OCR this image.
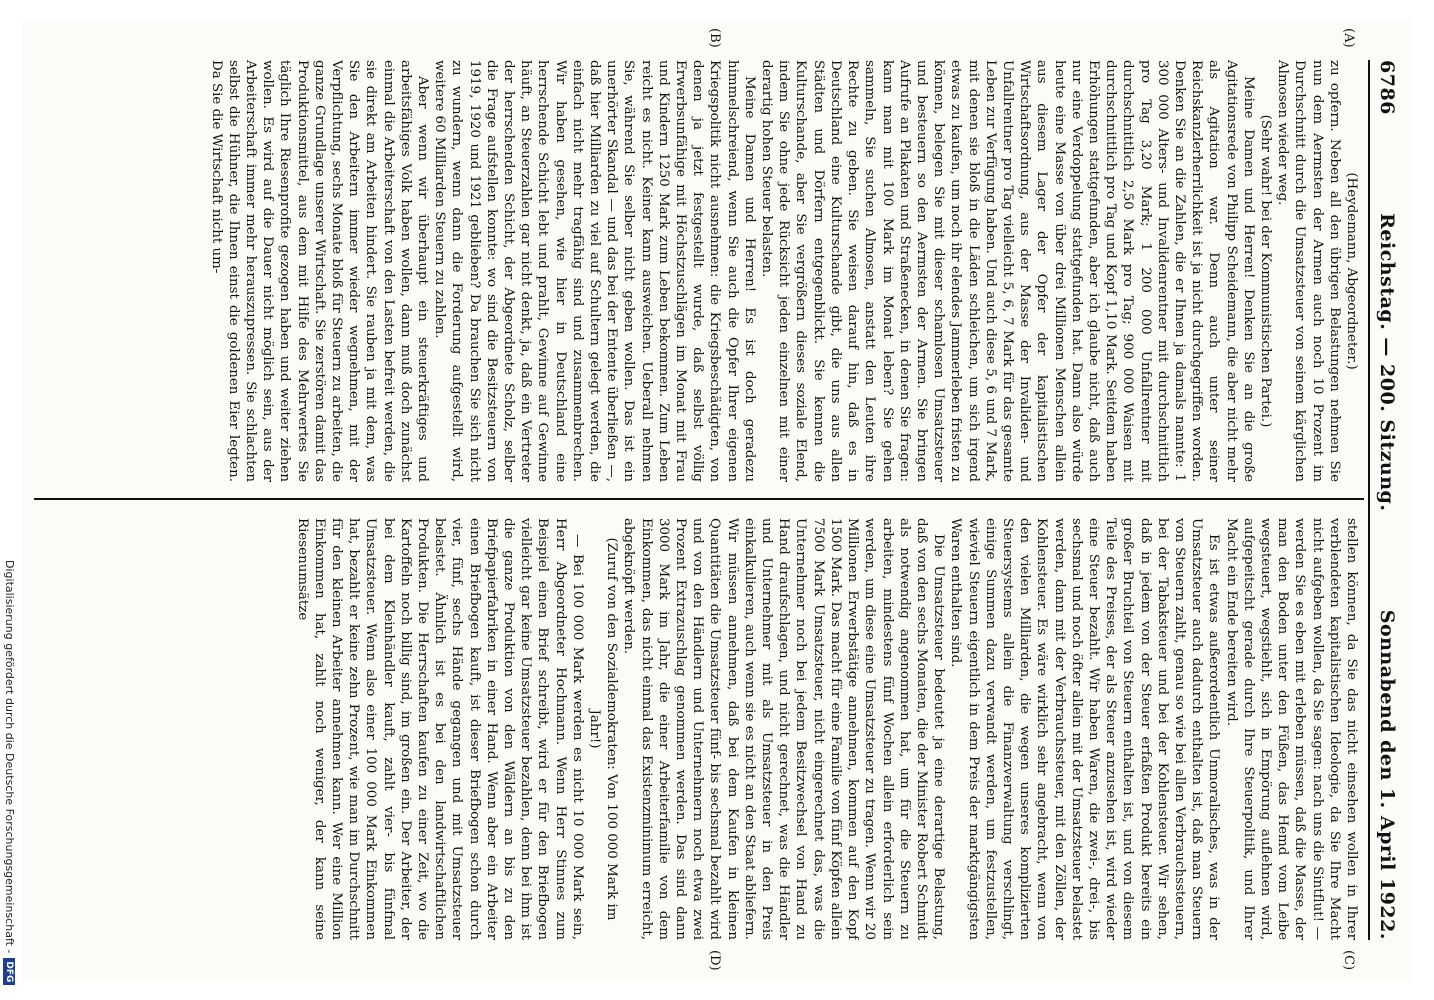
6786
Reichstag. — 200. Sitzung.
Sonnabend den 1. April 1922.
(A)
(B)
(C)
(D)

(Heydemann, Abgeordneter.)

zu opfern. Neben all den übrigen Belastungen nehmen Sie nun dem Aermsten der Armen auch noch 10 Prozent im Durchschnitt durch die Umsatzsteuer von seinem kärglichen Almosen wieder weg.

(Sehr wahr! bei der Kommunistischen Partei.)

Meine Damen und Herren! Denken Sie an die große Agitationsrede von Philipp Scheidemann, die aber nicht mehr als Agitation war. Denn auch unter seiner Reichskanzlerherrlichkeit ist ja nicht durchgegriffen worden. Denken Sie an die Zahlen, die er Ihnen ja damals nannte: 1 300 000 Alters- und Invalidenrentner mit durchschnittlich pro Tag 3,20 Mark; 1 200 000 Unfallrentner mit durchschnittlich 2,50 Mark pro Tag; 900 000 Waisen mit durchschnittlich pro Tag und Kopf 1,10 Mark. Seitdem haben Erhöhungen stattgefunden, aber ich glaube nicht, daß auch nur eine Verdoppelung stattgefunden hat. Dann also würde heute eine Masse von über drei Millionen Menschen allein aus diesem Lager der Opfer der kapitalistischen Wirtschaftsordnung, aus der Masse der Invaliden- und Unfallrentner pro Tag vielleicht 5, 6, 7 Mark für das gesamte Leben zur Verfügung haben. Und auch diese 5, 6 und 7 Mark, mit denen sie bloß in die Läden schleichen, um sich irgend etwas zu kaufen, um noch ihr elendes Jammerleben fristen zu können, belegen Sie mit dieser schamlosen Umsatzsteuer und besteuern so den Aermsten der Armen. Sie bringen Aufrufe an Plakaten und Straßenecken, in denen Sie fragen: kann man mit 100 Mark im Monat leben? Sie gehen sammeln, Sie suchen Almosen, anstatt den Leuten ihre Rechte zu geben. Sie weisen darauf hin, daß es in Deutschland eine Kulturschande gibt, die uns aus allen Städten und Dörfern entgegenblickt. Sie kennen die Kulturschande, aber Sie vergrößern dieses soziale Elend, indem Sie ohne jede Rücksicht jeden einzelnen mit einer derartig hohen Steuer belasten.

Meine Damen und Herren! Es ist doch geradezu himmelschreiend, wenn Sie auch die Opfer Ihrer eigenen Kriegspolitik nicht ausnehmen: die Kriegsbeschädigten, von denen ja jetzt festgestellt wurde, daß selbst völlig Erwerbsunfähige mit Höchstzuschlägen im Monat mit Frau und Kindern 1250 Mark zum Leben bekommen. Zum Leben reicht es nicht. Keiner kann ausweichen. Ueberall nehmen Sie, während Sie selber nicht geben wollen. Das ist ein unerhörter Skandal — und das bei der Entente überließen —, daß hier Milliarden zu viel auf Schultern gelegt werden, die einfach nicht mehr tragfähig sind und zusammenbrechen. Wir haben gesehen, wie hier in Deutschland eine herrschende Schicht lebt und prahlt, Gewinne auf Gewinne häuft, an Steuerzahlen gar nicht denkt, ja, daß ein Vertreter der herrschenden Schicht, der Abgeordnete Scholz, selber die Frage aufstellen konnte: wo sind die Besitzsteuern von 1919, 1920 und 1921 geblieben? Da brauchen Sie sich nicht zu wundern, wenn dann die Forderung aufgestellt wird, weitere 60 Milliarden Steuern zu zahlen.

Aber wenn wir überhaupt ein steuerkräftiges und arbeitsfähiges Volk haben wollen, dann muß doch zunächst einmal die Arbeiterschaft von den Lasten befreit werden, die sie direkt am Arbeiten hindert. Sie rauben ja mit dem, was Sie den Arbeitern immer wieder wegnehmen, mit der Verpflichtung, sechs Monate bloß für Steuern zu arbeiten, die ganze Grundlage unserer Wirtschaft. Sie zerstören damit das Produktionsmittel, aus dem mit Hilfe des Mehrwertes Sie täglich Ihre Riesenprofite gezogen haben und weiter ziehen wollen. Es wird auf die Dauer nicht möglich sein, aus der Arbeiterschaft immer mehr herauszupressen. Sie schlachten selbst die Hühner, die Ihnen einst die goldenen Eier legten. Da Sie die Wirtschaft nicht um-

stellen können, da Sie das nicht einsehen wollen in Ihrer verblendeten kapitalistischen Ideologie, da Sie Ihre Macht nicht aufgeben wollen, da Sie sagen: nach uns die Sintflut! — werden Sie es eben mit erleben müssen, daß die Masse, der man den Boden unter den Füßen, das Hemd vom Leibe wegsteuert, wegstiehlt, sich in Empörung auflehnen wird, aufgepeitscht gerade durch Ihre Steuerpolitik, und Ihrer Macht ein Ende bereiten wird.

Es ist etwas außerordentlich Unmoralisches, was in der Umsatzsteuer auch dadurch enthalten ist, daß man Steuern von Steuern zahlt, genau so wie bei allen Verbrauchssteuern, bei der Tabaksteuer und bei der Kohlensteuer. Wir sehen, daß in jedem von der Steuer erfaßten Produkt bereits ein großer Bruchteil von Steuern enthalten ist, und von diesem Teile des Preises, der als Steuer anzusehen ist, wird wieder eine Steuer bezahlt. Wir haben Waren, die zwei-, drei-, bis sechsmal und noch öfter allein mit der Umsatzsteuer belastet werden, dann mit der Verbrauchssteuer, mit den Zöllen, der Kohlensteuer. Es wäre wirklich sehr angebracht, wenn von den vielen Milliarden, die wegen unseres komplizierten Steuersystems allein die Finanzverwaltung verschlingt, einige Summen dazu verwandt werden, um festzustellen, wieviel Steuern eigentlich in dem Preis der marktgängigsten Waren enthalten sind.

Die Umsatzsteuer bedeutet ja eine derartige Belastung, daß von den sechs Monaten, die der Minister Robert Schmidt als notwendig angenommen hat, um für die Steuern zu arbeiten, mindestens fünf Wochen allein erforderlich sein werden, um diese eine Umsatzsteuer zu tragen. Wenn wir 20 Millionen Erwerbstätige annehmen, kommen auf den Kopf 1500 Mark. Das macht für eine Familie von fünf Köpfen allein 7500 Mark Umsatzsteuer, nicht eingerechnet das, was die Unternehmer noch bei jedem Besitzwechsel von Hand zu Hand draufschlagen, und nicht gerechnet, was die Händler und Unternehmer mit als Umsatzsteuer in den Preis einkalkulieren, auch wenn sie es nicht an den Staat abliefern. Wir müssen annehmen, daß bei dem Kaufen in kleinen Quantitäten die Umsatzsteuer fünf- bis sechsmal bezahlt wird und von den Händlern und Unternehmern noch etwa zwei Prozent Extrazuschlag genommen werden. Das sind dann 3000 Mark im Jahr, die einer Arbeiterfamilie von dem Einkommen, das nicht einmal das Existenzminimum erreicht, abgeknöpft werden.

(Zuruf von den Sozialdemokraten: Von 100 000 Mark im Jahr!)

— Bei 100 000 Mark werden es nicht 10 000 Mark sein, Herr Abgeordneter Hochmann. Wenn Herr Stinnes zum Beispiel einen Brief schreibt, wird er für den Briefbogen vielleicht gar keine Umsatzsteuer bezahlen, denn bei ihm ist die ganze Produktion von den Wäldern an bis zu den Briefpapierfabriken in einer Hand. Wenn aber ein Arbeiter einen Briefbogen kauft, ist dieser Briefbogen schon durch vier, fünf, sechs Hände gegangen und mit Umsatzsteuer belastet. Ähnlich ist es bei den landwirtschaftlichen Produkten. Die Herrschaften kaufen zu einer Zeit, wo die Kartoffeln noch billig sind, im großen ein. Der Arbeiter, der bei dem Kleinhändler kauft, zahlt vier- bis fünfmal Umsatzsteuer. Wenn also einer 100 000 Mark Einkommen hat, bezahlt er keine zehn Prozent, wie man im Durchschnitt für den kleinen Arbeiter annehmen kann. Wer eine Million Einkommen hat, zahlt noch weniger, der kann seine Riesenumsätze

Digitalisierung gefördert durch die Deutsche Forschungsgemeinschaft -
DFG
